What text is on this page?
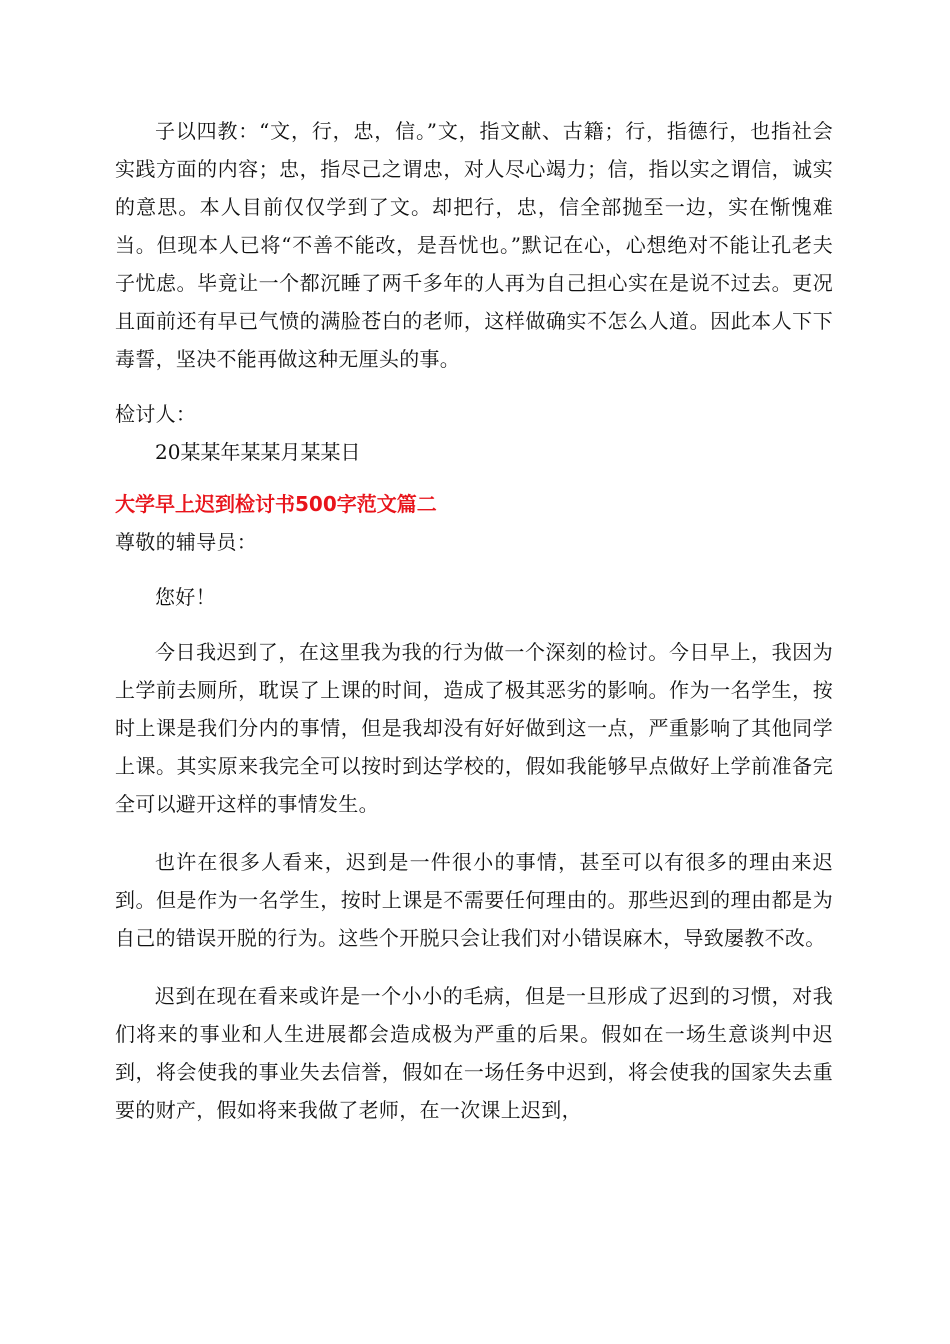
子以四教：“文，行，忠，信。”文，指文献、古籍；行，指德行，也指社会实践方面的内容；忠，指尽己之谓忠，对人尽心竭力；信，指以实之谓信，诚实的意思。本人目前仅仅学到了文。却把行，忠，信全部抛至一边，实在惭愧难当。但现本人已将“不善不能改，是吾忧也。”默记在心，心想绝对不能让孔老夫子忧虑。毕竟让一个都沉睡了两千多年的人再为自己担心实在是说不过去。更况且面前还有早已气愤的满脸苍白的老师，这样做确实不怎么人道。因此本人下下毒誓，坚决不能再做这种无厘头的事。

检讨人：

20某某年某某月某某日

大学早上迟到检讨书500字范文篇二

尊敬的辅导员：

您好！

今日我迟到了，在这里我为我的行为做一个深刻的检讨。今日早上，我因为上学前去厕所，耽误了上课的时间，造成了极其恶劣的影响。作为一名学生，按时上课是我们分内的事情，但是我却没有好好做到这一点，严重影响了其他同学上课。其实原来我完全可以按时到达学校的，假如我能够早点做好上学前准备完全可以避开这样的事情发生。

也许在很多人看来，迟到是一件很小的事情，甚至可以有很多的理由来迟到。但是作为一名学生，按时上课是不需要任何理由的。那些迟到的理由都是为自己的错误开脱的行为。这些个开脱只会让我们对小错误麻木，导致屡教不改。

迟到在现在看来或许是一个小小的毛病，但是一旦形成了迟到的习惯，对我们将来的事业和人生进展都会造成极为严重的后果。假如在一场生意谈判中迟到，将会使我的事业失去信誉，假如在一场任务中迟到，将会使我的国家失去重要的财产，假如将来我做了老师，在一次课上迟到，
